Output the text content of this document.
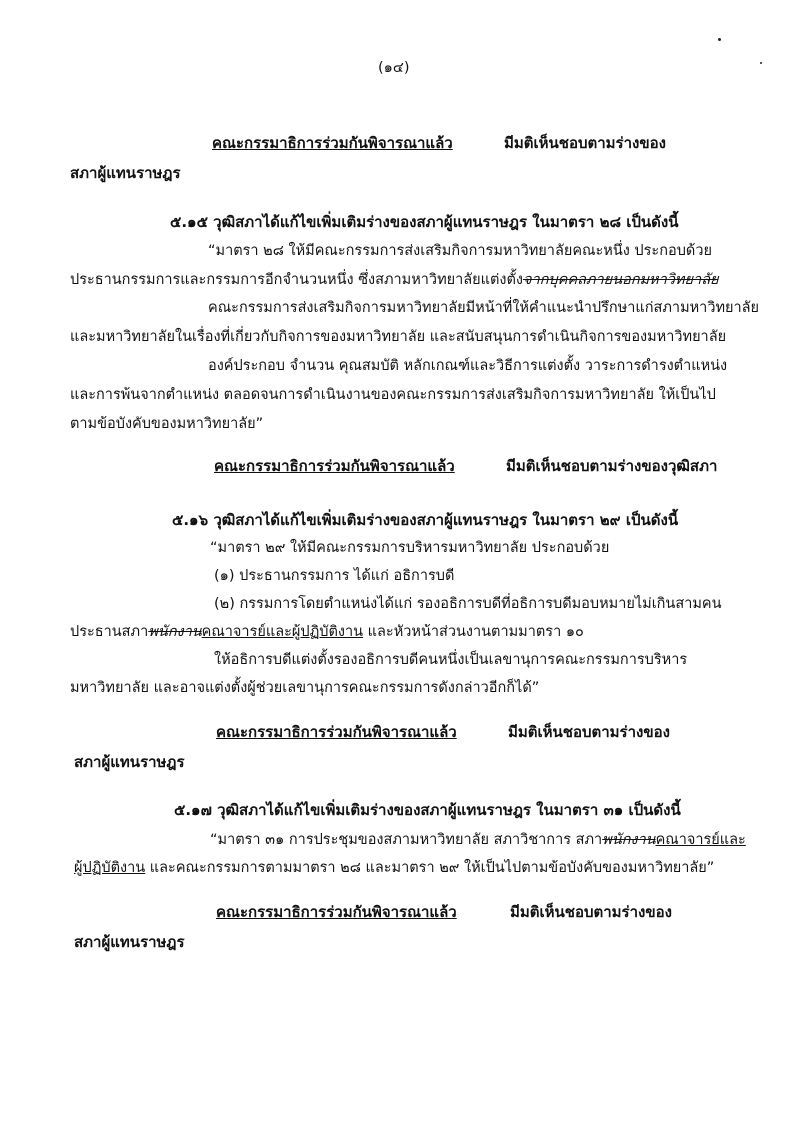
(๑๔)
คณะกรรมาธิการร่วมกันพิจารณาแล้ว	มีมติเห็นชอบตามร่างของ
สภาผู้แทนราษฎร
๕.๑๕ วุฒิสภาได้แก้ไขเพิ่มเติมร่างของสภาผู้แทนราษฎร ในมาตรา ๒๘ เป็นดังนี้
“มาตรา ๒๘ ให้มีคณะกรรมการส่งเสริมกิจการมหาวิทยาลัยคณะหนึ่ง ประกอบด้วย
ประธานกรรมการและกรรมการอีกจำนวนหนึ่ง ซึ่งสภามหาวิทยาลัยแต่งตั้งจากบุคคลภายนอกมหาวิทยาลัย
คณะกรรมการส่งเสริมกิจการมหาวิทยาลัยมีหน้าที่ให้คำแนะนำปรึกษาแก่สภามหาวิทยาลัย
และมหาวิทยาลัยในเรื่องที่เกี่ยวกับกิจการของมหาวิทยาลัย และสนับสนุนการดำเนินกิจการของมหาวิทยาลัย
องค์ประกอบ จำนวน คุณสมบัติ หลักเกณฑ์และวิธีการแต่งตั้ง วาระการดำรงตำแหน่ง
และการพ้นจากตำแหน่ง ตลอดจนการดำเนินงานของคณะกรรมการส่งเสริมกิจการมหาวิทยาลัย ให้เป็นไป
ตามข้อบังคับของมหาวิทยาลัย”
คณะกรรมาธิการร่วมกันพิจารณาแล้ว	มีมติเห็นชอบตามร่างของวุฒิสภา
๕.๑๖ วุฒิสภาได้แก้ไขเพิ่มเติมร่างของสภาผู้แทนราษฎร ในมาตรา ๒๙ เป็นดังนี้
“มาตรา ๒๙ ให้มีคณะกรรมการบริหารมหาวิทยาลัย ประกอบด้วย
(๑) ประธานกรรมการ ได้แก่ อธิการบดี
(๒) กรรมการโดยตำแหน่งได้แก่ รองอธิการบดีที่อธิการบดีมอบหมายไม่เกินสามคน
ประธานสภาพนักงานคณาจารย์และผู้ปฏิบัติงาน และหัวหน้าส่วนงานตามมาตรา ๑๐
ให้อธิการบดีแต่งตั้งรองอธิการบดีคนหนึ่งเป็นเลขานุการคณะกรรมการบริหาร
มหาวิทยาลัย และอาจแต่งตั้งผู้ช่วยเลขานุการคณะกรรมการดังกล่าวอีกก็ได้”
คณะกรรมาธิการร่วมกันพิจารณาแล้ว	มีมติเห็นชอบตามร่างของ
สภาผู้แทนราษฎร
๕.๑๗ วุฒิสภาได้แก้ไขเพิ่มเติมร่างของสภาผู้แทนราษฎร ในมาตรา ๓๑ เป็นดังนี้
“มาตรา ๓๑ การประชุมของสภามหาวิทยาลัย สภาวิชาการ สภาพนักงานคณาจารย์และ
ผู้ปฏิบัติงาน และคณะกรรมการตามมาตรา ๒๘ และมาตรา ๒๙ ให้เป็นไปตามข้อบังคับของมหาวิทยาลัย”
คณะกรรมาธิการร่วมกันพิจารณาแล้ว	มีมติเห็นชอบตามร่างของ
สภาผู้แทนราษฎร
